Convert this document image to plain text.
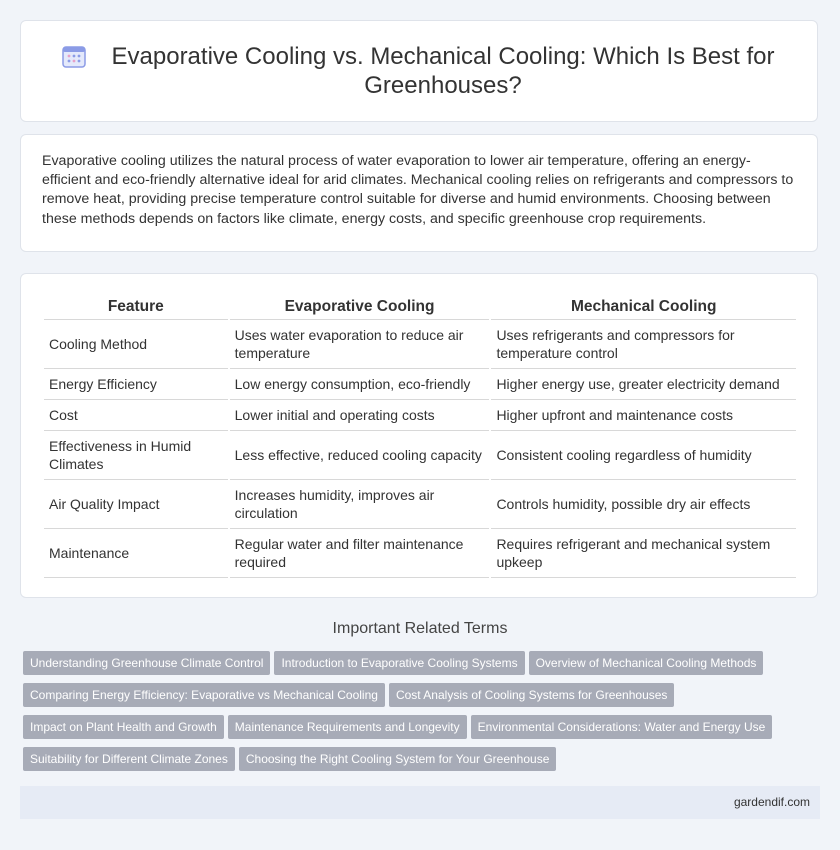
Evaporative Cooling vs. Mechanical Cooling: Which Is Best for Greenhouses?

Evaporative cooling utilizes the natural process of water evaporation to lower air temperature, offering an energy-efficient and eco-friendly alternative ideal for arid climates. Mechanical cooling relies on refrigerants and compressors to remove heat, providing precise temperature control suitable for diverse and humid environments. Choosing between these methods depends on factors like climate, energy costs, and specific greenhouse crop requirements.

Feature	Evaporative Cooling	Mechanical Cooling
Cooling Method	Uses water evaporation to reduce air temperature	Uses refrigerants and compressors for temperature control
Energy Efficiency	Low energy consumption, eco-friendly	Higher energy use, greater electricity demand
Cost	Lower initial and operating costs	Higher upfront and maintenance costs
Effectiveness in Humid Climates	Less effective, reduced cooling capacity	Consistent cooling regardless of humidity
Air Quality Impact	Increases humidity, improves air circulation	Controls humidity, possible dry air effects
Maintenance	Regular water and filter maintenance required	Requires refrigerant and mechanical system upkeep
Important Related Terms
Understanding Greenhouse Climate Control Introduction to Evaporative Cooling Systems Overview of Mechanical Cooling Methods Comparing Energy Efficiency: Evaporative vs Mechanical Cooling Cost Analysis of Cooling Systems for Greenhouses Impact on Plant Health and Growth Maintenance Requirements and Longevity Environmental Considerations: Water and Energy Use Suitability for Different Climate Zones Choosing the Right Cooling System for Your Greenhouse
gardendif.com
